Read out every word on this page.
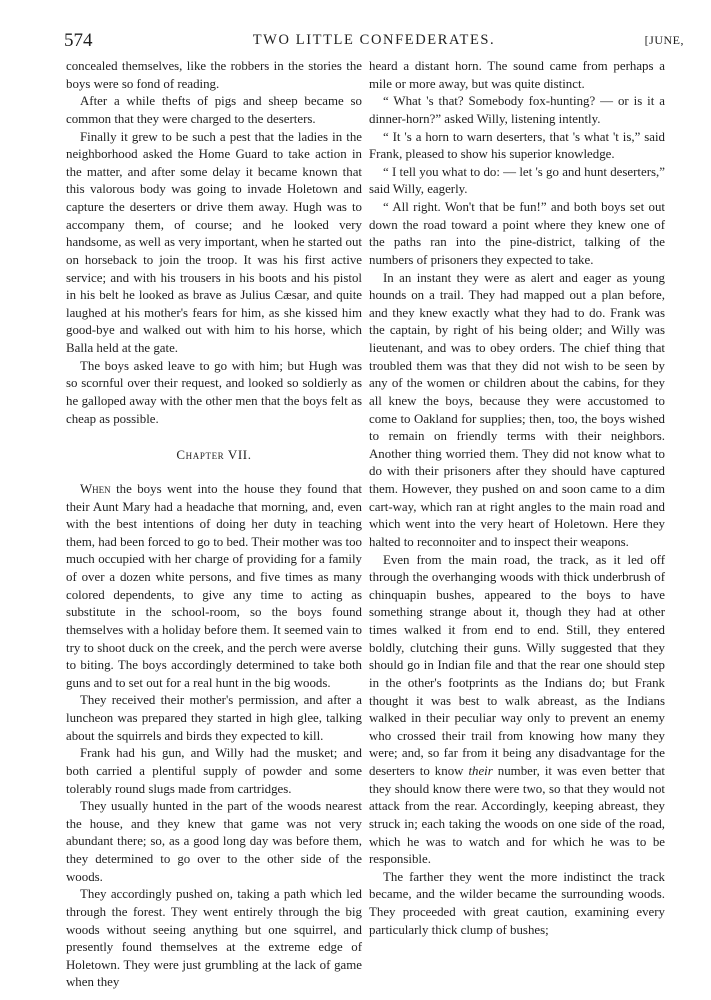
574	TWO LITTLE CONFEDERATES.	[JUNE,

concealed themselves, like the robbers in the stories the boys were so fond of reading.

After a while thefts of pigs and sheep became so common that they were charged to the deserters.

Finally it grew to be such a pest that the ladies in the neighborhood asked the Home Guard to take action in the matter, and after some delay it became known that this valorous body was going to invade Holetown and capture the deserters or drive them away. Hugh was to accompany them, of course; and he looked very handsome, as well as very important, when he started out on horseback to join the troop. It was his first active service; and with his trousers in his boots and his pistol in his belt he looked as brave as Julius Cæsar, and quite laughed at his mother's fears for him, as she kissed him good-bye and walked out with him to his horse, which Balla held at the gate.

The boys asked leave to go with him; but Hugh was so scornful over their request, and looked so soldierly as he galloped away with the other men that the boys felt as cheap as possible.

Chapter VII.

When the boys went into the house they found that their Aunt Mary had a headache that morning, and, even with the best intentions of doing her duty in teaching them, had been forced to go to bed. Their mother was too much occupied with her charge of providing for a family of over a dozen white persons, and five times as many colored dependents, to give any time to acting as substitute in the school-room, so the boys found themselves with a holiday before them. It seemed vain to try to shoot duck on the creek, and the perch were averse to biting. The boys accordingly determined to take both guns and to set out for a real hunt in the big woods.

They received their mother's permission, and after a luncheon was prepared they started in high glee, talking about the squirrels and birds they expected to kill.

Frank had his gun, and Willy had the musket; and both carried a plentiful supply of powder and some tolerably round slugs made from cartridges.

They usually hunted in the part of the woods nearest the house, and they knew that game was not very abundant there; so, as a good long day was before them, they determined to go over to the other side of the woods.

They accordingly pushed on, taking a path which led through the forest. They went entirely through the big woods without seeing anything but one squirrel, and presently found themselves at the extreme edge of Holetown. They were just grumbling at the lack of game when they

heard a distant horn. The sound came from perhaps a mile or more away, but was quite distinct.

“ What 's that? Somebody fox-hunting? — or is it a dinner-horn?” asked Willy, listening intently.

“ It 's a horn to warn deserters, that 's what 't is,” said Frank, pleased to show his superior knowledge.

“ I tell you what to do: — let 's go and hunt deserters,” said Willy, eagerly.

“ All right. Won't that be fun!” and both boys set out down the road toward a point where they knew one of the paths ran into the pine-district, talking of the numbers of prisoners they expected to take.

In an instant they were as alert and eager as young hounds on a trail. They had mapped out a plan before, and they knew exactly what they had to do. Frank was the captain, by right of his being older; and Willy was lieutenant, and was to obey orders. The chief thing that troubled them was that they did not wish to be seen by any of the women or children about the cabins, for they all knew the boys, because they were accustomed to come to Oakland for supplies; then, too, the boys wished to remain on friendly terms with their neighbors. Another thing worried them. They did not know what to do with their prisoners after they should have captured them. However, they pushed on and soon came to a dim cart-way, which ran at right angles to the main road and which went into the very heart of Holetown. Here they halted to reconnoiter and to inspect their weapons.

Even from the main road, the track, as it led off through the overhanging woods with thick underbrush of chinquapin bushes, appeared to the boys to have something strange about it, though they had at other times walked it from end to end. Still, they entered boldly, clutching their guns. Willy suggested that they should go in Indian file and that the rear one should step in the other's footprints as the Indians do; but Frank thought it was best to walk abreast, as the Indians walked in their peculiar way only to prevent an enemy who crossed their trail from knowing how many they were; and, so far from it being any disadvantage for the deserters to know their number, it was even better that they should know there were two, so that they would not attack from the rear. Accordingly, keeping abreast, they struck in; each taking the woods on one side of the road, which he was to watch and for which he was to be responsible.

The farther they went the more indistinct the track became, and the wilder became the surrounding woods. They proceeded with great caution, examining every particularly thick clump of bushes;
